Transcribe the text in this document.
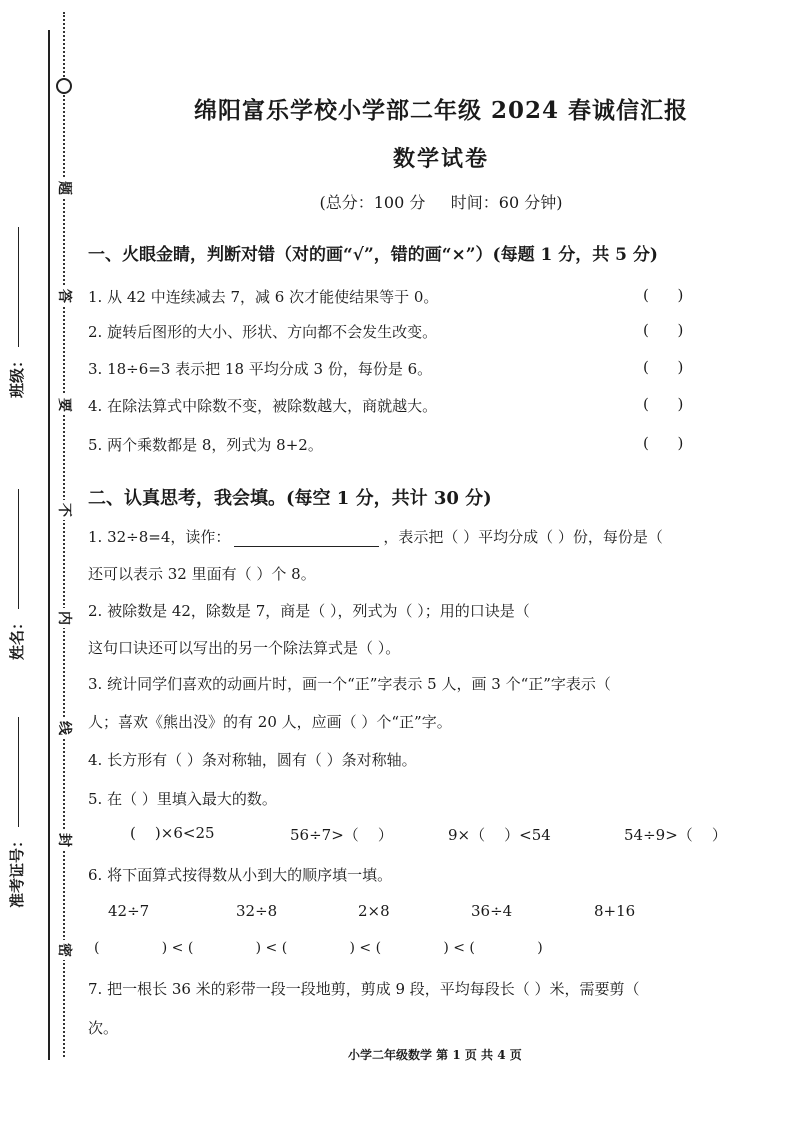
题
答
要
不
内
线
封
密
班级：
姓名：
准考证号：
绵阳富乐学校小学部二年级 2024 春诚信汇报
数学试卷
(总分：100 分     时间：60 分钟)
一、火眼金睛，判断对错（对的画“√”，错的画“×”）(每题 1 分，共 5 分)
1. 从 42 中连续减去 7，减 6 次才能使结果等于 0。	(      )
2. 旋转后图形的大小、形状、方向都不会发生改变。	(      )
3. 18÷6=3 表示把 18 平均分成 3 份，每份是 6。	(      )
4. 在除法算式中除数不变，被除数越大，商就越大。	(      )
5. 两个乘数都是 8，列式为 8+2。	(      )
二、认真思考，我会填。(每空 1 分，共计 30 分)
1. 32÷8=4，读作：	，表示把（ ）平均分成（ ）份，每份是（
还可以表示 32 里面有（ ）个 8。
2. 被除数是 42，除数是 7，商是（ ），列式为（ ）；用的口诀是（
这句口诀还可以写出的另一个除法算式是（ ）。
3. 统计同学们喜欢的动画片时，画一个“正”字表示 5 人，画 3 个“正”字表示（
人；喜欢《熊出没》的有 20 人，应画（ ）个“正”字。
4. 长方形有（ ）条对称轴，圆有（ ）条对称轴。
5. 在（ ）里填入最大的数。
(    )×6<25	56÷7>（    ）	9×（    ）<54	54÷9>（    ）
6. 将下面算式按得数从小到大的顺序填一填。
42÷7	32÷8	2×8	36÷4	8+16
(              ) < (              ) < (              ) < (              ) < (              )
7. 把一根长 36 米的彩带一段一段地剪，剪成 9 段，平均每段长（ ）米，需要剪（
次。
小学二年级数学 第 1 页 共 4 页
